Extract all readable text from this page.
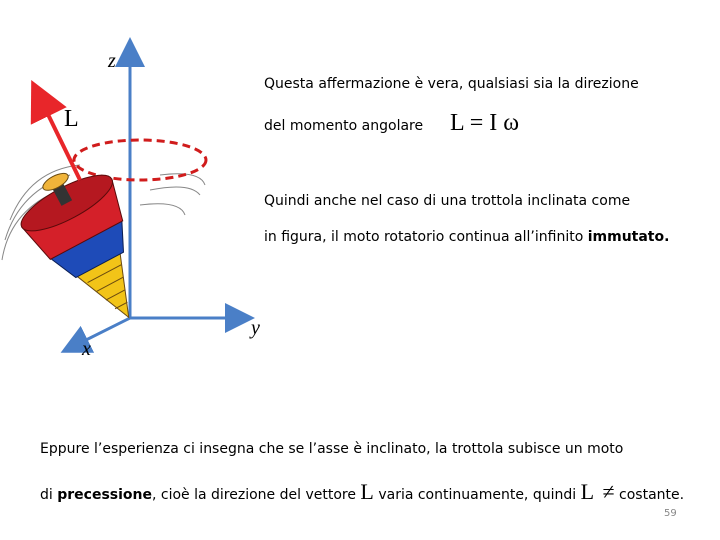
z
L
x
y
Questa affermazione è vera, qualsiasi sia la direzione
del momento angolare L = I ω
Quindi anche nel caso di una trottola inclinata come
in figura, il moto rotatorio continua all’infinito immutato.
Eppure l’esperienza ci insegna che se l’asse è inclinato, la trottola subisce un moto
di precessione, cioè la direzione del vettore L varia continuamente, quindi L ≠ costante.
59
